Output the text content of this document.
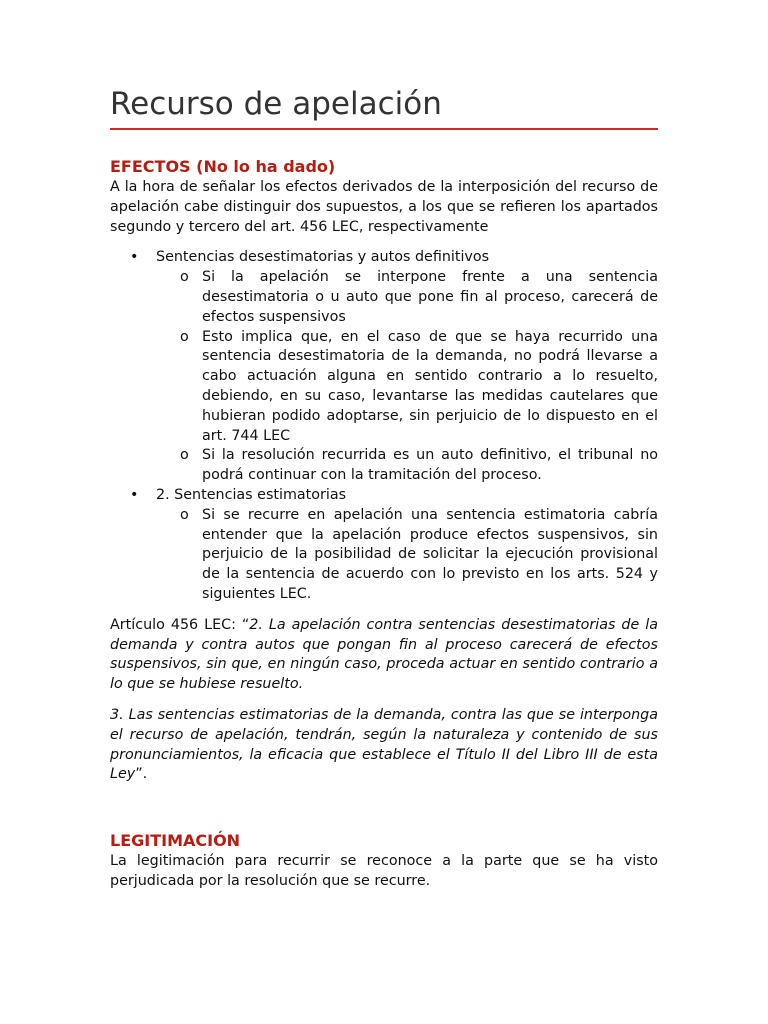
Recurso de apelación
EFECTOS (No lo ha dado)

A la hora de señalar los efectos derivados de la interposición del recurso de apelación cabe distinguir dos supuestos, a los que se refieren los apartados segundo y tercero del art. 456 LEC, respectivamente

• Sentencias desestimatorias y autos definitivos
o Si la apelación se interpone frente a una sentencia desestimatoria o u auto que pone fin al proceso, carecerá de efectos suspensivos
o Esto implica que, en el caso de que se haya recurrido una sentencia desestimatoria de la demanda, no podrá llevarse a cabo actuación alguna en sentido contrario a lo resuelto, debiendo, en su caso, levantarse las medidas cautelares que hubieran podido adoptarse, sin perjuicio de lo dispuesto en el art. 744 LEC
o Si la resolución recurrida es un auto definitivo, el tribunal no podrá continuar con la tramitación del proceso.
• 2. Sentencias estimatorias
o Si se recurre en apelación una sentencia estimatoria cabría entender que la apelación produce efectos suspensivos, sin perjuicio de la posibilidad de solicitar la ejecución provisional de la sentencia de acuerdo con lo previsto en los arts. 524 y siguientes LEC.

Artículo 456 LEC: “2. La apelación contra sentencias desestimatorias de la demanda y contra autos que pongan fin al proceso carecerá de efectos suspensivos, sin que, en ningún caso, proceda actuar en sentido contrario a lo que se hubiese resuelto.

3. Las sentencias estimatorias de la demanda, contra las que se interponga el recurso de apelación, tendrán, según la naturaleza y contenido de sus pronunciamientos, la eficacia que establece el Título II del Libro III de esta Ley”.

LEGITIMACIÓN

La legitimación para recurrir se reconoce a la parte que se ha visto perjudicada por la resolución que se recurre.
